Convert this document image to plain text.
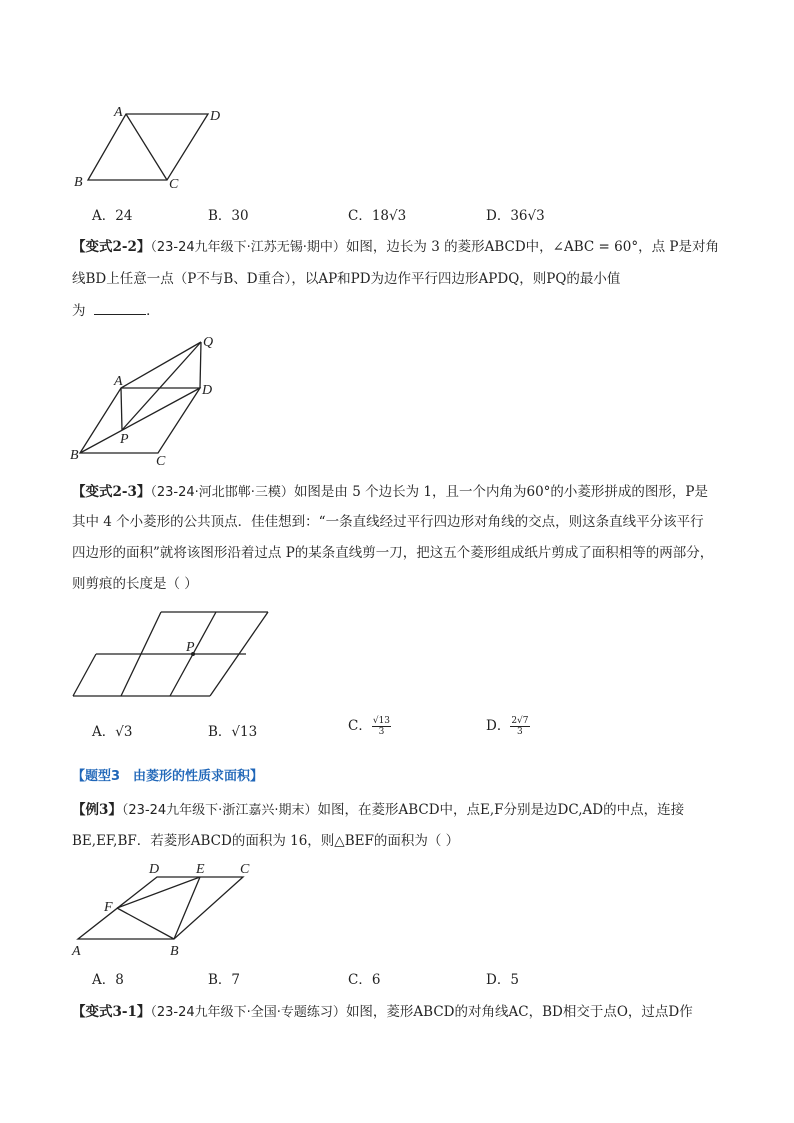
A	D
B	C
A．24	B．30	C．18√3	D．36√3
【变式2-2】（23-24九年级下·江苏无锡·期中）如图，边长为 3 的菱形ABCD中，∠ABC = 60°，点 P是对角
线BD上任意一点（P不与B、D重合），以AP和PD为边作平行四边形APDQ，则PQ的最小值
为	．
Q
A
D
P
B	C
【变式2-3】（23-24·河北邯郸·三模）如图是由 5 个边长为 1，且一个内角为60°的小菱形拼成的图形，P是
其中 4 个小菱形的公共顶点．佳佳想到：“一条直线经过平行四边形对角线的交点，则这条直线平分该平行
四边形的面积”就将该图形沿着过点 P的某条直线剪一刀，把这五个菱形组成纸片剪成了面积相等的两部分，
则剪痕的长度是（ ）
P
A．√3	B．√13	C． $\frac{√13}{3}$	D． $\frac{2√7}{3}$
【题型3　由菱形的性质求面积】
【例3】（23-24九年级下·浙江嘉兴·期末）如图，在菱形ABCD中，点E,F分别是边DC,AD的中点，连接
BE,EF,BF．若菱形ABCD的面积为 16，则△BEF的面积为（ ）
D	E	C
F
A	B
A．8	B．7	C．6	D．5
【变式3-1】（23-24九年级下·全国·专题练习）如图，菱形ABCD的对角线AC，BD相交于点O，过点D作
